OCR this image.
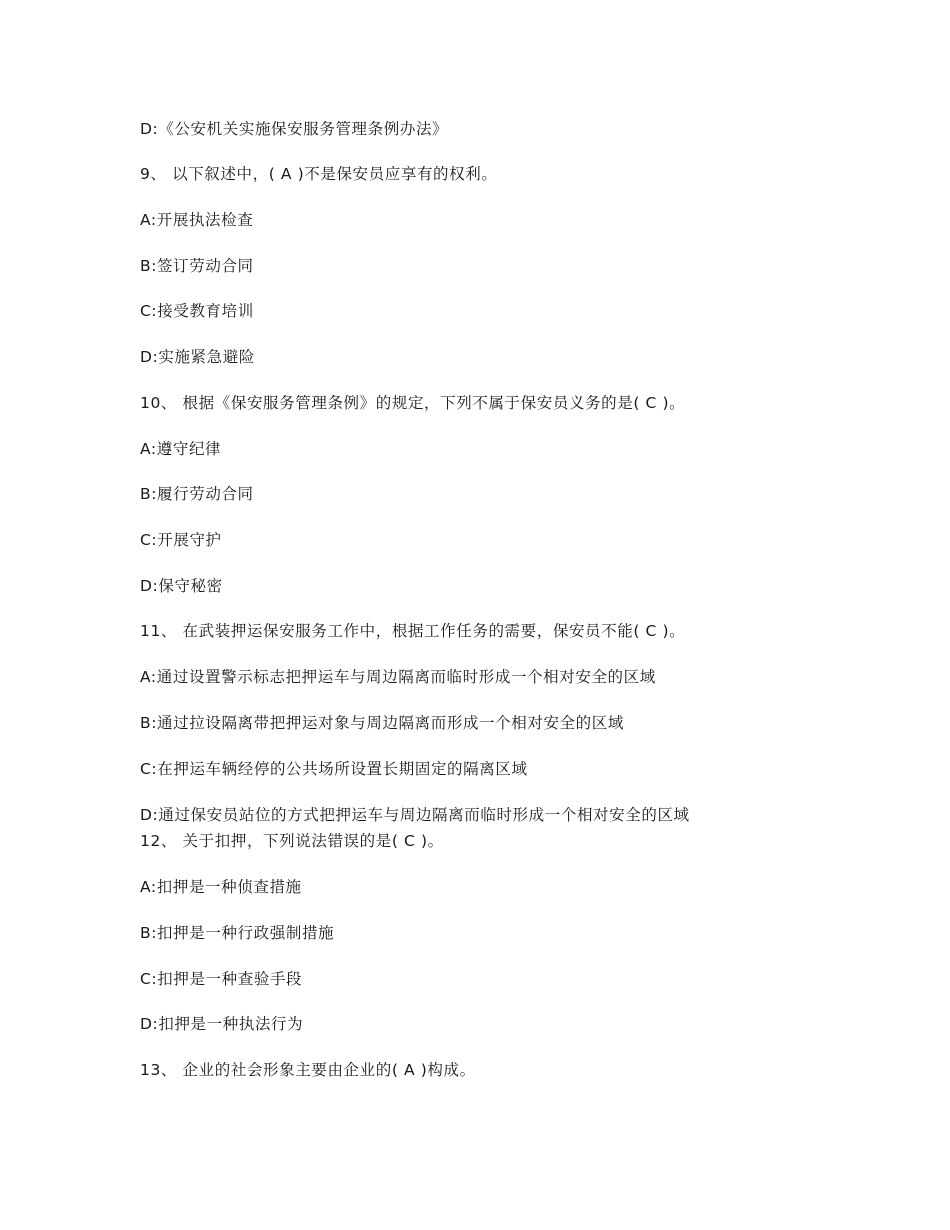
D:《公安机关实施保安服务管理条例办法》

9、 以下叙述中，( A )不是保安员应享有的权利。

A:开展执法检查

B:签订劳动合同

C:接受教育培训

D:实施紧急避险

10、 根据《保安服务管理条例》的规定，下列不属于保安员义务的是( C )。

A:遵守纪律

B:履行劳动合同

C:开展守护

D:保守秘密

11、 在武装押运保安服务工作中，根据工作任务的需要，保安员不能( C )。

A:通过设置警示标志把押运车与周边隔离而临时形成一个相对安全的区域

B:通过拉设隔离带把押运对象与周边隔离而形成一个相对安全的区域

C:在押运车辆经停的公共场所设置长期固定的隔离区域

D:通过保安员站位的方式把押运车与周边隔离而临时形成一个相对安全的区域

12、 关于扣押，下列说法错误的是( C )。

A:扣押是一种侦查措施

B:扣押是一种行政强制措施

C:扣押是一种查验手段

D:扣押是一种执法行为

13、 企业的社会形象主要由企业的( A )构成。
